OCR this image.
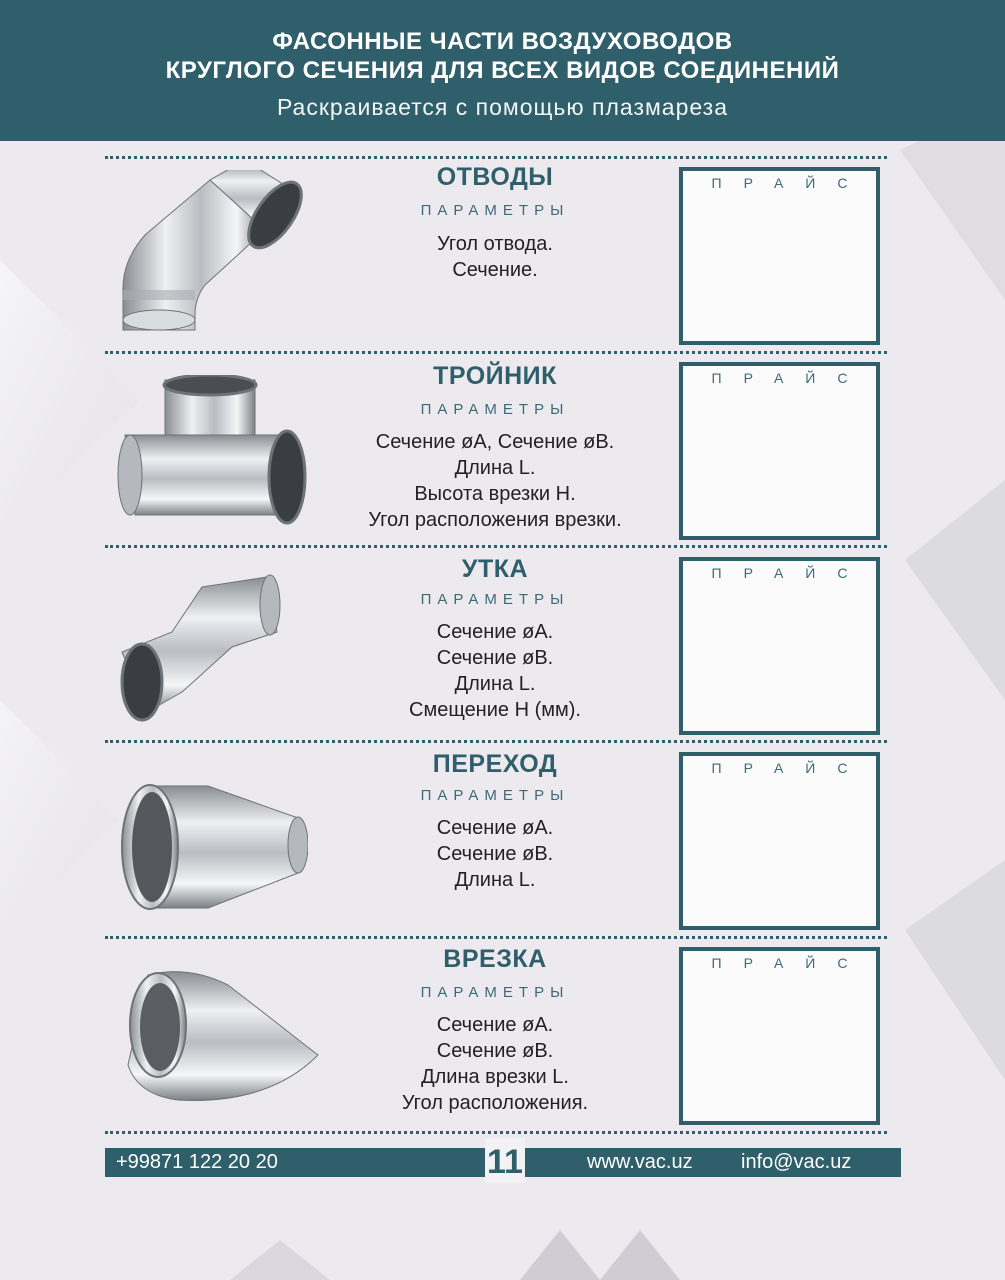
ФАСОННЫЕ ЧАСТИ ВОЗДУХОВОДОВ
КРУГЛОГО СЕЧЕНИЯ ДЛЯ ВСЕХ ВИДОВ СОЕДИНЕНИЙ
Раскраивается с помощью плазмареза
ОТВОДЫ
ПАРАМЕТРЫ
Угол отвода.
Сечение.
ПРАЙС
ТРОЙНИК
ПАРАМЕТРЫ
Сечение øA, Сечение øB.
Длина L.
Высота врезки H.
Угол расположения врезки.
ПРАЙС
УТКА
ПАРАМЕТРЫ
Сечение øA.
Сечение øB.
Длина L.
Смещение H (мм).
ПРАЙС
ПЕРЕХОД
ПАРАМЕТРЫ
Сечение øA.
Сечение øB.
Длина L.
ПРАЙС
ВРЕЗКА
ПАРАМЕТРЫ
Сечение øA.
Сечение øB.
Длина врезки L.
Угол расположения.
ПРАЙС
+99871 122 20 20	11	www.vac.uz info@vac.uz
